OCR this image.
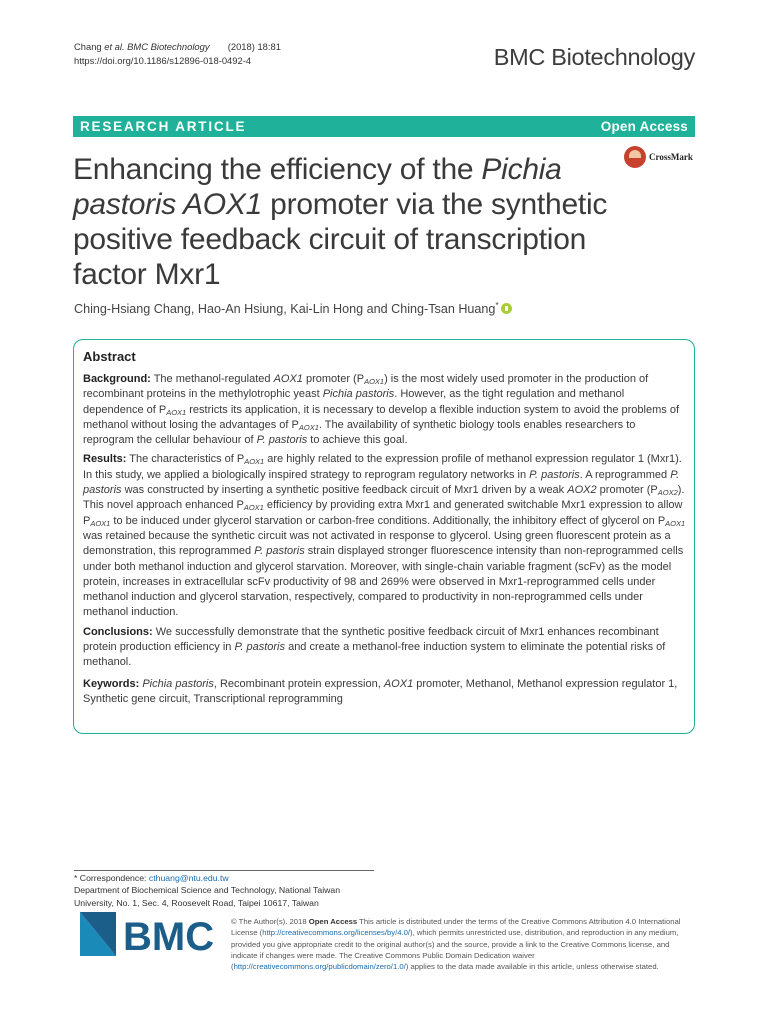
Chang et al. BMC Biotechnology (2018) 18:81
https://doi.org/10.1186/s12896-018-0492-4	BMC Biotechnology
RESEARCH ARTICLE	Open Access
CrossMark
Enhancing the efficiency of the Pichia pastoris AOX1 promoter via the synthetic positive feedback circuit of transcription factor Mxr1
Ching-Hsiang Chang, Hao-An Hsiung, Kai-Lin Hong and Ching-Tsan Huang*
Abstract

Background: The methanol-regulated AOX1 promoter $(P_{AOX1})$ is the most widely used promoter in the production of recombinant proteins in the methylotrophic yeast Pichia pastoris. However, as the tight regulation and methanol dependence of $P_{AOX1}$ restricts its application, it is necessary to develop a flexible induction system to avoid the problems of methanol without losing the advantages of $P_{AOX1}$. The availability of synthetic biology tools enables researchers to reprogram the cellular behaviour of P. pastoris to achieve this goal.

Results: The characteristics of $P_{AOX1}$ are highly related to the expression profile of methanol expression regulator 1 (Mxr1). In this study, we applied a biologically inspired strategy to reprogram regulatory networks in P. pastoris. A reprogrammed P. pastoris was constructed by inserting a synthetic positive feedback circuit of Mxr1 driven by a weak AOX2 promoter $(P_{AOX2})$. This novel approach enhanced $P_{AOX1}$ efficiency by providing extra Mxr1 and generated switchable Mxr1 expression to allow $P_{AOX1}$ to be induced under glycerol starvation or carbon-free conditions. Additionally, the inhibitory effect of glycerol on $P_{AOX1}$ was retained because the synthetic circuit was not activated in response to glycerol. Using green fluorescent protein as a demonstration, this reprogrammed P. pastoris strain displayed stronger fluorescence intensity than non-reprogrammed cells under both methanol induction and glycerol starvation. Moreover, with single-chain variable fragment (scFv) as the model protein, increases in extracellular scFv productivity of 98 and 269% were observed in Mxr1-reprogrammed cells under methanol induction and glycerol starvation, respectively, compared to productivity in non-reprogrammed cells under methanol induction.

Conclusions: We successfully demonstrate that the synthetic positive feedback circuit of Mxr1 enhances recombinant protein production efficiency in P. pastoris and create a methanol-free induction system to eliminate the potential risks of methanol.

Keywords: Pichia pastoris, Recombinant protein expression, AOX1 promoter, Methanol, Methanol expression regulator 1, Synthetic gene circuit, Transcriptional reprogramming

* Correspondence: cthuang@ntu.edu.tw
Department of Biochemical Science and Technology, National Taiwan
University, No. 1, Sec. 4, Roosevelt Road, Taipei 10617, Taiwan
BMC © The Author(s). 2018 Open Access This article is distributed under the terms of the Creative Commons Attribution 4.0 International License (http://creativecommons.org/licenses/by/4.0/), which permits unrestricted use, distribution, and reproduction in any medium, provided you give appropriate credit to the original author(s) and the source, provide a link to the Creative Commons license, and indicate if changes were made. The Creative Commons Public Domain Dedication waiver (http://creativecommons.org/publicdomain/zero/1.0/) applies to the data made available in this article, unless otherwise stated.
